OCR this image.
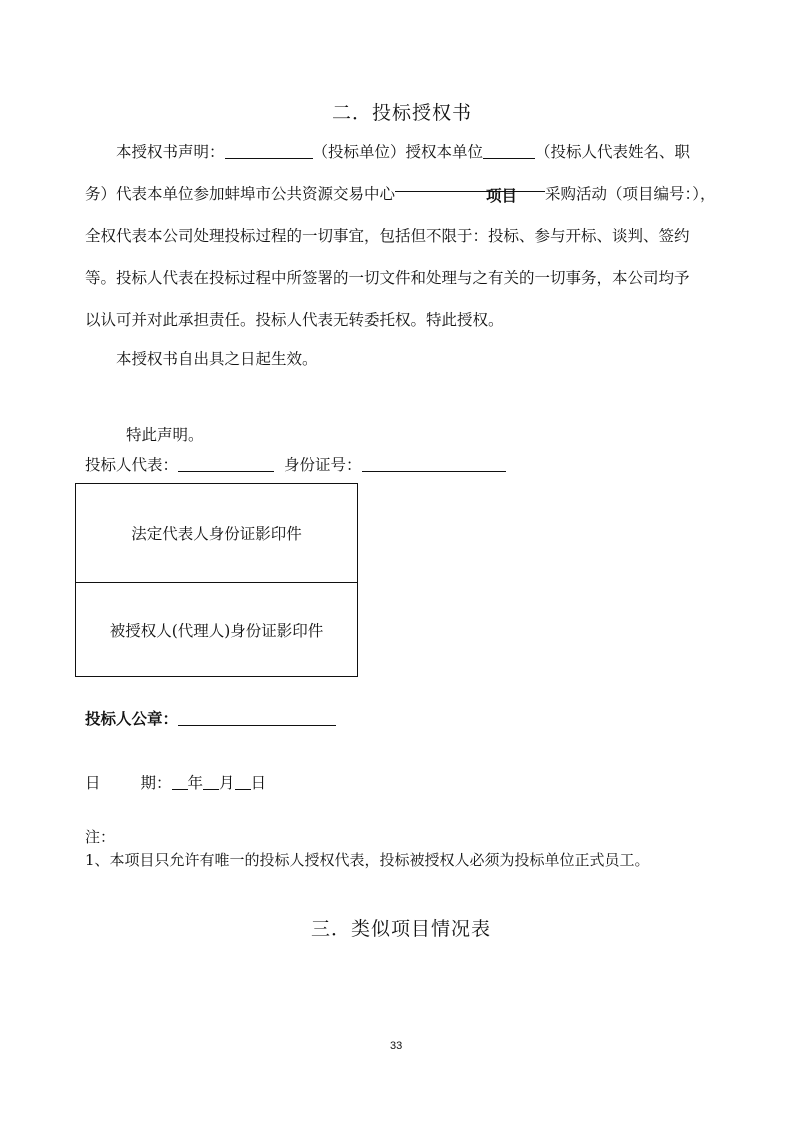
二．投标授权书
本授权书声明：	（投标单位）授权本单位	（投标人代表姓名、职
务）代表本单位参加蚌埠市公共资源交易中心	项目 采购活动（项目编号：），
全权代表本公司处理投标过程的一切事宜，包括但不限于：投标、参与开标、谈判、签约
等。投标人代表在投标过程中所签署的一切文件和处理与之有关的一切事务，本公司均予
以认可并对此承担责任。投标人代表无转委托权。特此授权。
本授权书自出具之日起生效。
特此声明。
投标人代表：	身份证号：
法定代表人身份证影印件
被授权人(代理人)身份证影印件
投标人公章：
日	期： 年 月 日
注：
1、本项目只允许有唯一的投标人授权代表，投标被授权人必须为投标单位正式员工。
三．类似项目情况表
33
